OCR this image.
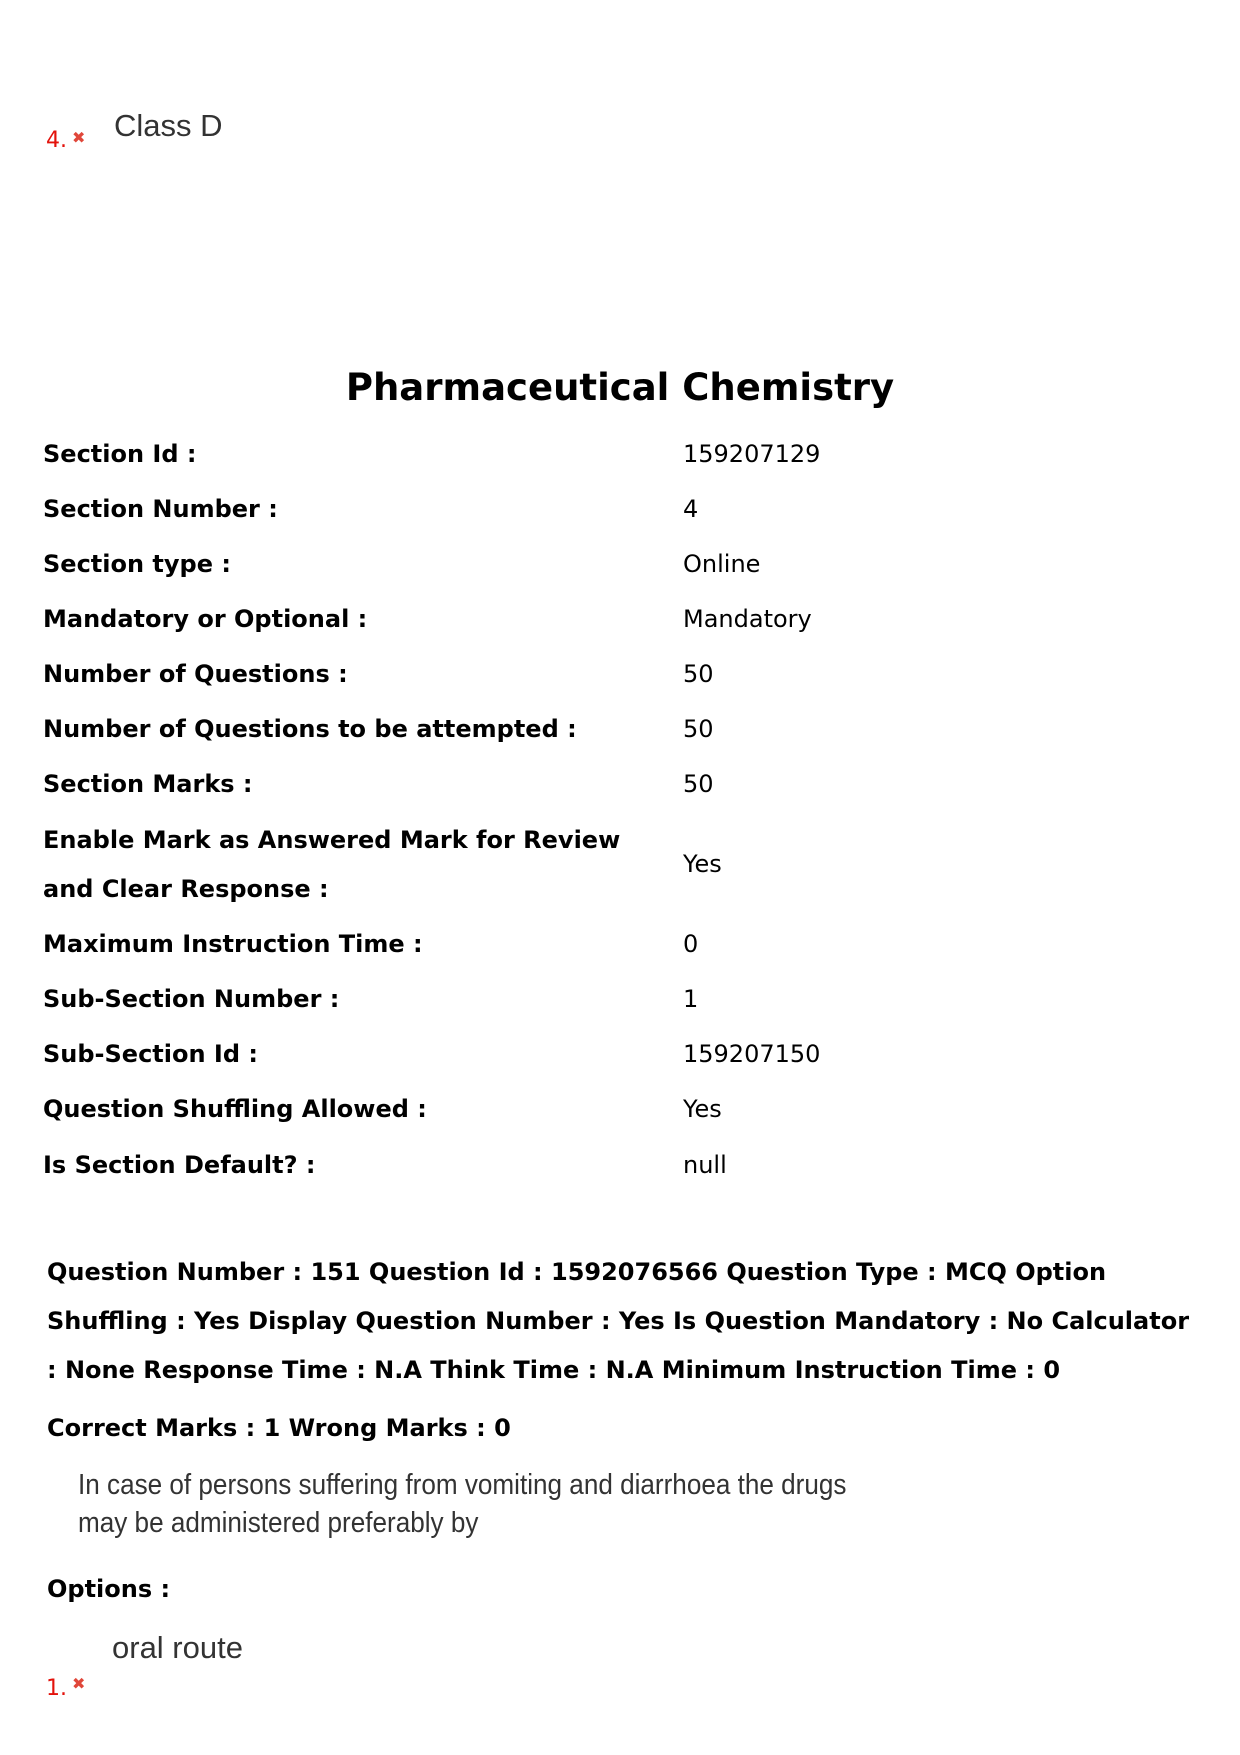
4. ✖ Class D
Pharmaceutical Chemistry
Section Id :	159207129
Section Number :	4
Section type :	Online
Mandatory or Optional :	Mandatory
Number of Questions :	50
Number of Questions to be attempted :	50
Section Marks :	50
Enable Mark as Answered Mark for Review and Clear Response :
Yes
Maximum Instruction Time :	0
Sub-Section Number :	1
Sub-Section Id :	159207150
Question Shuffling Allowed :	Yes
Is Section Default? :	null
Question Number : 151 Question Id : 1592076566 Question Type : MCQ Option Shuffling : Yes Display Question Number : Yes Is Question Mandatory : No Calculator : None Response Time : N.A Think Time : N.A Minimum Instruction Time : 0
Correct Marks : 1 Wrong Marks : 0
In case of persons suffering from vomiting and diarrhoea the drugs may be administered preferably by
Options :
1. ✖
oral route
